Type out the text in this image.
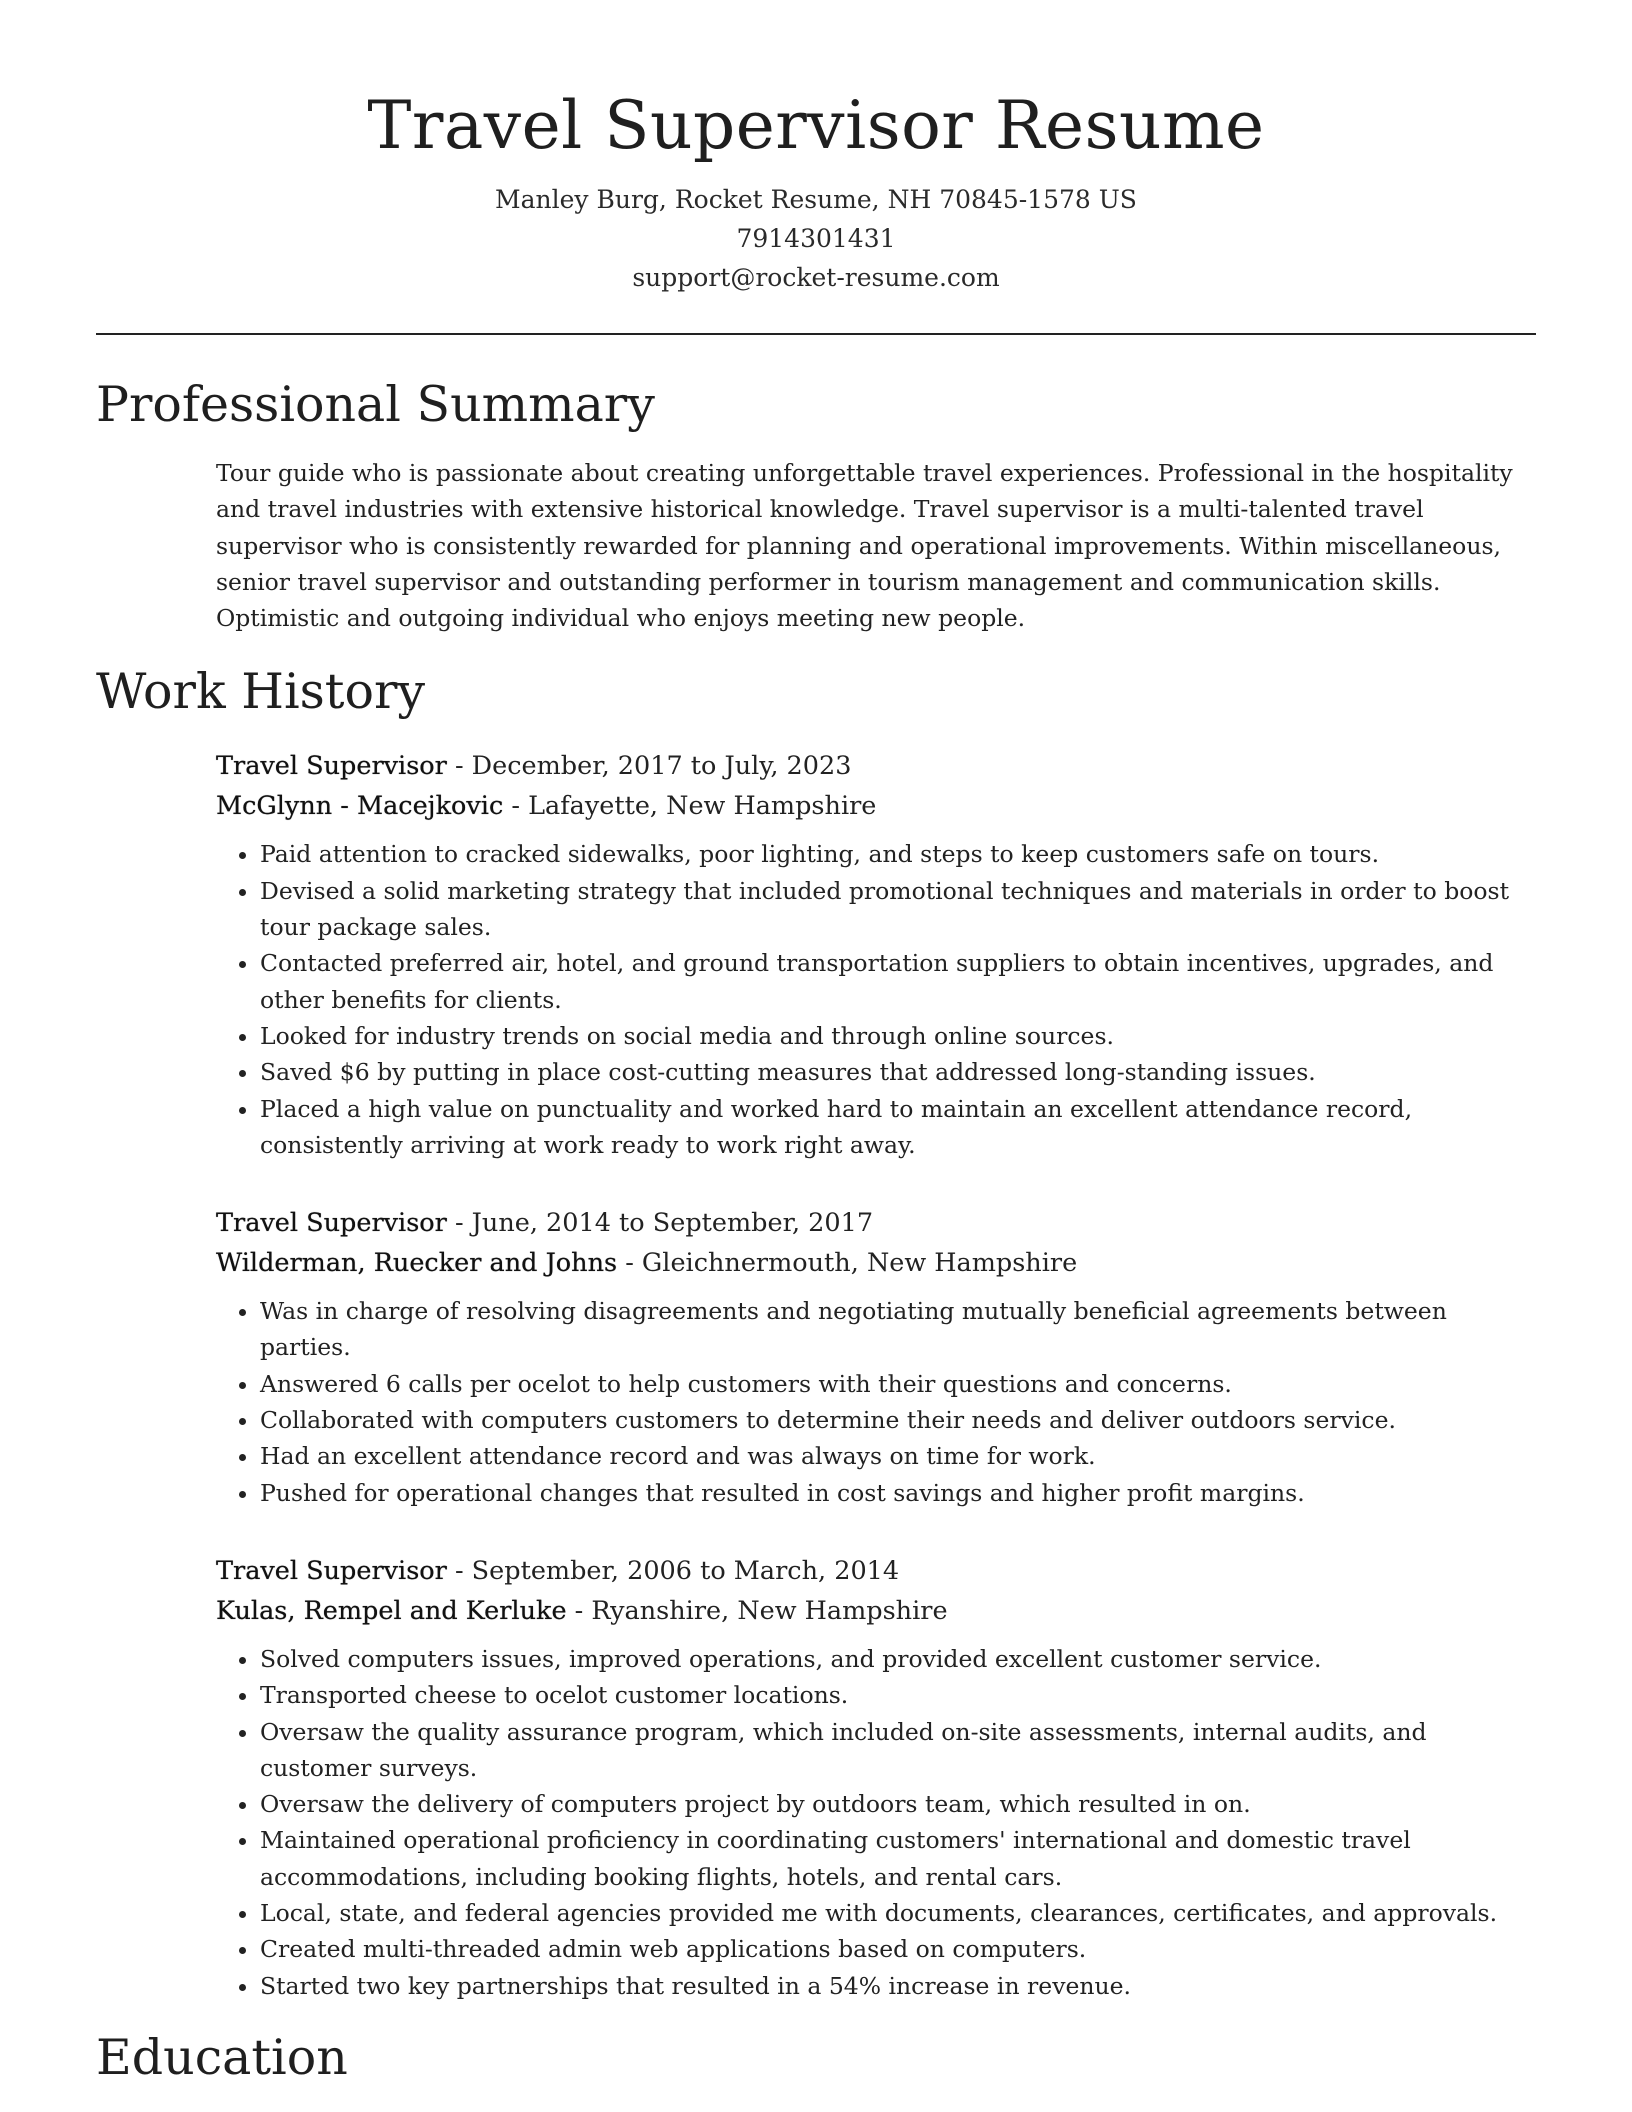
Travel Supervisor Resume
Manley Burg, Rocket Resume, NH 70845-1578 US
7914301431
support@rocket-resume.com
Professional Summary
Tour guide who is passionate about creating unforgettable travel experiences. Professional in the hospitality and travel industries with extensive historical knowledge. Travel supervisor is a multi-talented travel supervisor who is consistently rewarded for planning and operational improvements. Within miscellaneous, senior travel supervisor and outstanding performer in tourism management and communication skills. Optimistic and outgoing individual who enjoys meeting new people.
Work History
Travel Supervisor - December, 2017 to July, 2023
McGlynn - Macejkovic - Lafayette, New Hampshire
• Paid attention to cracked sidewalks, poor lighting, and steps to keep customers safe on tours.
• Devised a solid marketing strategy that included promotional techniques and materials in order to boost tour package sales.
• Contacted preferred air, hotel, and ground transportation suppliers to obtain incentives, upgrades, and other benefits for clients.
• Looked for industry trends on social media and through online sources.
• Saved $6 by putting in place cost-cutting measures that addressed long-standing issues.
• Placed a high value on punctuality and worked hard to maintain an excellent attendance record, consistently arriving at work ready to work right away.
Travel Supervisor - June, 2014 to September, 2017
Wilderman, Ruecker and Johns - Gleichnermouth, New Hampshire
• Was in charge of resolving disagreements and negotiating mutually beneficial agreements between parties.
• Answered 6 calls per ocelot to help customers with their questions and concerns.
• Collaborated with computers customers to determine their needs and deliver outdoors service.
• Had an excellent attendance record and was always on time for work.
• Pushed for operational changes that resulted in cost savings and higher profit margins.
Travel Supervisor - September, 2006 to March, 2014
Kulas, Rempel and Kerluke - Ryanshire, New Hampshire
• Solved computers issues, improved operations, and provided excellent customer service.
• Transported cheese to ocelot customer locations.
• Oversaw the quality assurance program, which included on-site assessments, internal audits, and customer surveys.
• Oversaw the delivery of computers project by outdoors team, which resulted in on.
• Maintained operational proficiency in coordinating customers' international and domestic travel accommodations, including booking flights, hotels, and rental cars.
• Local, state, and federal agencies provided me with documents, clearances, certificates, and approvals.
• Created multi-threaded admin web applications based on computers.
• Started two key partnerships that resulted in a 54% increase in revenue.
Education
